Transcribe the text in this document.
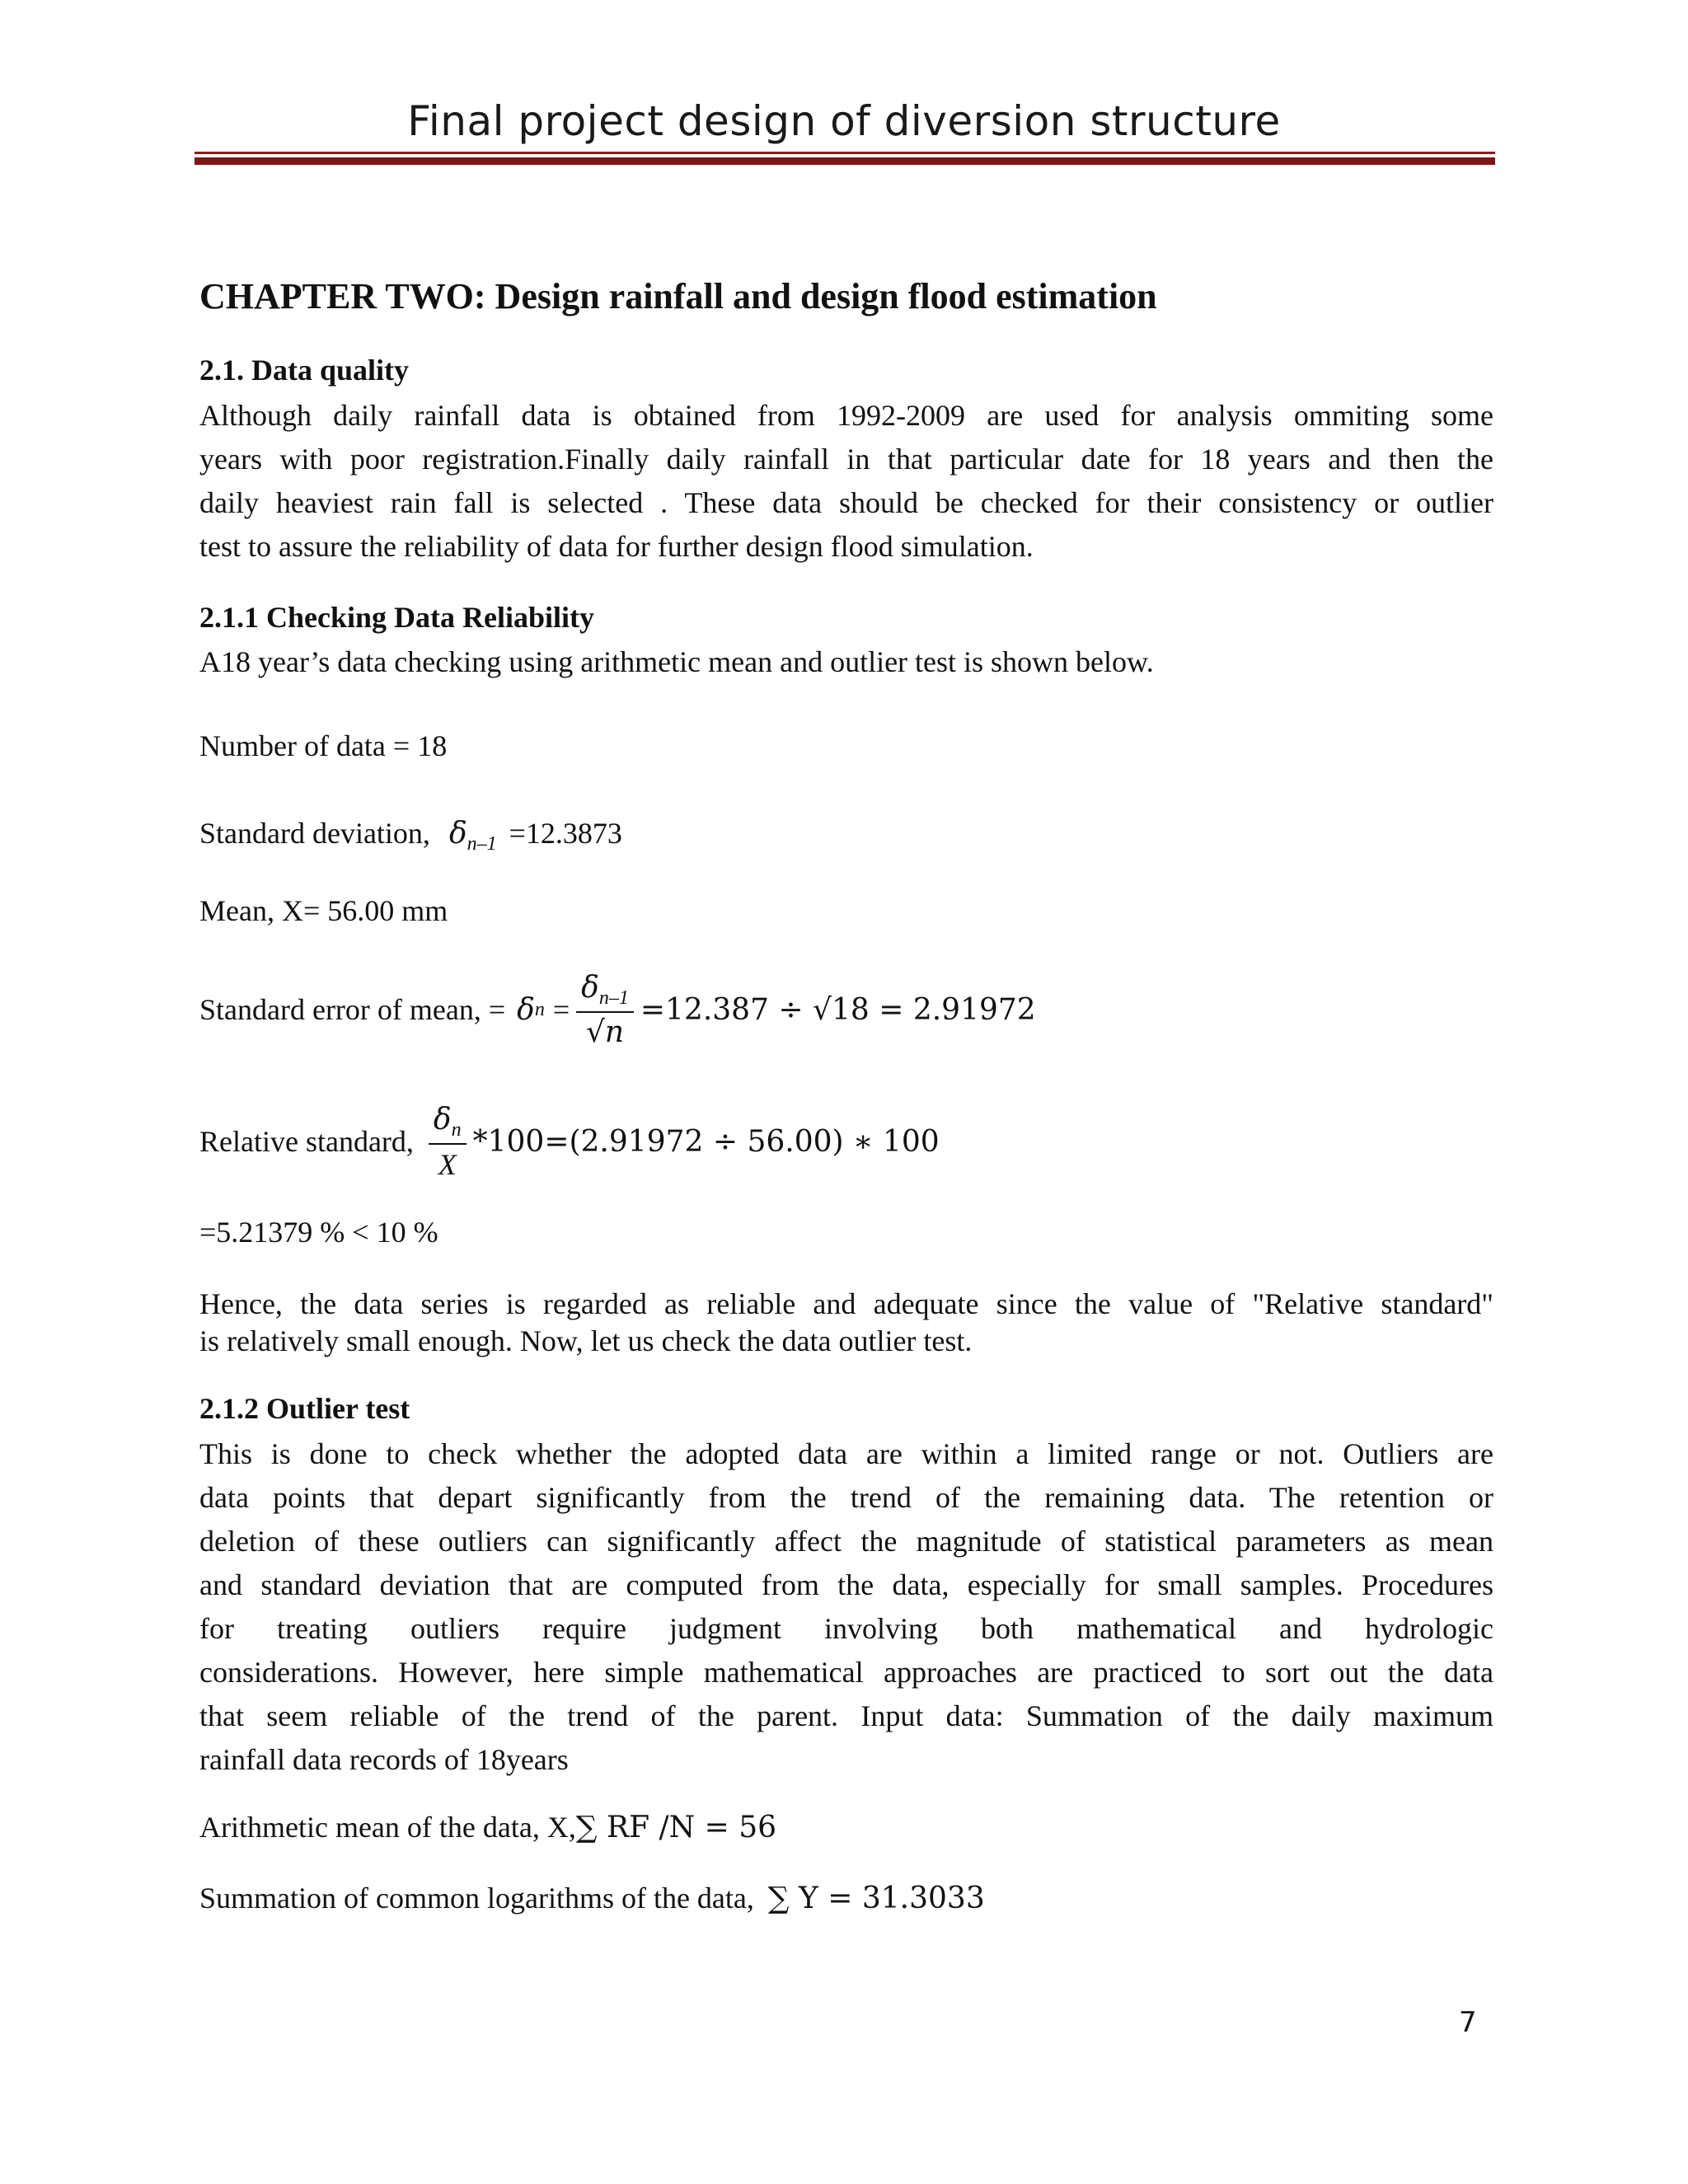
Final project design of diversion structure
CHAPTER TWO: Design rainfall and design flood estimation
2.1. Data quality
Although daily rainfall data is obtained from 1992-2009 are used for analysis ommiting some
years with poor registration.Finally daily rainfall in that particular date for 18 years and then the
daily heaviest rain fall is selected . These data should be checked for their consistency or outlier
test to assure the reliability of data for further design flood simulation.
2.1.1 Checking Data Reliability
A18 year’s data checking using arithmetic mean and outlier test is shown below.
Number of data = 18
Standard deviation, $\delta_{n-1} =12.3873$
Mean, X= 56.00 mm
Standard error of mean, = δ $n = \frac{\delta_{n-1}}{√n} =12.387 \div √18 = 2.91972$
Relative standard, $\frac{\delta_n}{X} *100=(2.91972 \div 56.00)$ ∗ 100
=5.21379 % < 10 %
Hence, the data series is regarded as reliable and adequate since the value of "Relative standard"
is relatively small enough. Now, let us check the data outlier test.
2.1.2 Outlier test
This is done to check whether the adopted data are within a limited range or not. Outliers are
data points that depart significantly from the trend of the remaining data. The retention or
deletion of these outliers can significantly affect the magnitude of statistical parameters as mean
and standard deviation that are computed from the data, especially for small samples. Procedures
for treating outliers require judgment involving both mathematical and hydrologic
considerations. However, here simple mathematical approaches are practiced to sort out the data
that seem reliable of the trend of the parent. Input data: Summation of the daily maximum
rainfall data records of 18years
Arithmetic mean of the data, X,∑ RF /N = 56
Summation of common logarithms of the data, ∑ Y = 31.3033
7
